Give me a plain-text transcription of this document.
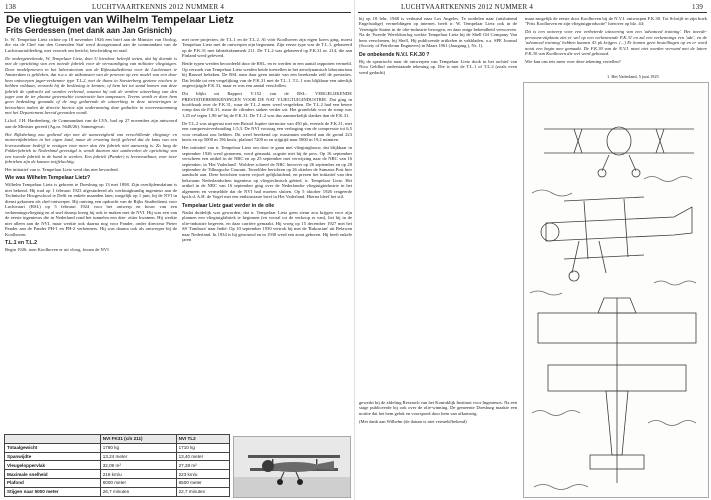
138	LUCHTVAARTKENNIS 2012 NUMMER 4
De vliegtuigen van Wilhelm Tempelaar Lietz
Frits Gerdessen (met dank aan Jan Grisnich)

Ir. W. Tempelaar Lietz richtte op 18 november 1926 een brief aan de Minister van Oorlog, die via de Chef van den Generalen Staf werd doorgestuurd aan de commandant van de Luchtvaartafdeeling, met verzoek om bericht, bescheiding en raad.

De ondergeteekende, W. Tempelaar Lietz, doet U hierdoor beleefd weten, dat hij doende is met de oprichting van een tweede fabriek voor de vervaardiging van militaire vliegtuigen. Door modelproeven in het laboratorium van de Rijksstudiedienst voor de Luchtvaart te Amsterdam is gebleken, dat n.a.v. de uitkomsten van de proeven op een model van een door hem ontworpen jager-verkenner type T.L.2, met de thans in Soesterberg geziene eischen te hebben voldaan, verzoekt hij de beslissing te kennen, of hem het tot stand komen van deze fabriek de opdracht zal worden verleend, waarna hij ook de verdere uitwerking van den jager aan de ter plaatse gewenschte constructie kan aanpassen. Tevens wordt er door hem geen bedenking gemaakt of de nog gedurende de uitwerking in deze uitvoeringen te betrachten indien de directie hiertoe zijn onderneming deze gedachte in overeenstemming met het Departement bereid gevonden wordt.

Lt.kol. J.H. Hardenberg, de Commandant van de LVA, had op 27 november zijn antwoord aan de Minister gereed (Ag.nr. 5648/26). Samengevat:

Het Rijksbelang zou gediend zijn met de aanwezigheid van verschillende vliegtuig- en motorenfabrieken in het eigen land, maar de ervaring heeft geleerd dat de kans van een levensvatbaar bedrijf te vestigen voor meer dan één fabriek niet aanwezig is. Zo lang de Fokkerfabriek in Nederland gevestigd is wordt daarom niet aanbevolen de oprichting van een tweede fabriek in de hand te werken. Een fabriek (Pander) is levensvatbaar, voor twee fabrieken zijn de kansen twijfelachtig.

Het initiatief van ir. Tempelaar Lietz werd dus niet bevorderd.

Wie was Wilhelm Tempelaar Lietz?

Wilhelm Tempelaar Lietz is geboren te Doesburg op 13 mei 1898. Zijn overlijdensdatum is niet bekend. Hij trad op 1 februari 1923 afgestudeerd als werktuigkundig ingenieur aan de Technische Hoogeschool te Delft en enkele maanden later, mogelijk op 1 juni, bij de NVI in dienst gekomen als chef-ontwerper. Hij ontving een opdracht van de Rijks Studiedienst voor Luchtvaart (RSL) op 5 februari 1924 voor het ontwerp en bouw van een verkenningsvliegtuig en al snel daarop kreeg hij ook te maken met de NVI. Hij was een van de eerste ingenieurs die in Nederland rond het tunnelen een drie- zitter kwamen. Hij werkte niet alleen aan de NVI, maar werkte ook daarna nog voor Pander, onder directeur Pieter Pander aan de Pander PH-1 en PH-2 verkenners. Hij was daarna ook als ontwerper bij de Koolhoven.

T.L.1 en T.L.2

Begin 1926, toen Koolhoven er uit vloog, kwam de NVI

met twee projecten, de T.L.1 en de T.L.2. Al vóór Koolhoven zijn eigen koers ging, moest Tempelaar Lietz met de ontwerpen zijn begonnen. Zijn eerste type was de T.L.1, gebaseerd op de F.K.31 met fabriekskenmerk 211. De T.L.2 was gebaseerd op F.K.31 nr. 214, die aan Finland werd geleverd.

Beide typen werden beoordeeld door de RSL, en er werden in een aantal rapporten vermeld. Op verzoek van Tempelaar Lietz werden beide toestellen in het aerodynamisch laboratorium bij Brussel bekeken. De RSL nam daar geen notitie van een berekende zelf de prestaties. Dat leidde tot een vergelijking van de F.K.31 met de T.L.1. T.L.1 was blijkbaar een uiterlijk ongewijzigde F.K.31, maar er was een aantal verschillen.

Dit blijkt uit Rapport V.152 van de RSL: VERGELIJKENDE PRESTATIEBEREKENINGEN VOOR DE NAT VLIEGTUIGINDUSTRIE. Dat ging in hoofdzaak over de F.K.31, waar de T.L.2 meer werd vergeleken. De T.L.2 had een betere romp dan de F.K.31, maar de cilinders staken verder uit. Het grondvlak voor de romp was 1,25 m² tegen 1,90 m² bij de F.K.31. De T.L.2 was dus aanmerkelijk slanker dan de F.K.31.

De T.L.2 was uitgerust met een Bristol Jupiter stermotor van 450 pk, evenals de F.K.31, met een compressieverhouding 1:5,3. De NVI voorzag een verhoging van de compressie tot 6,5 voor resultaat zou hebben. Dit werd berekend op: maximum snelheid aan de grond 223 km/u en op 5000 m 196 km/u, plafond 7200 m en stijgtijd naar 5000 m 19,2 minuten.

Het initiatief van ir. Tempelaar Lietz om door te gaan met vliegtuigbouw, dat blijkbaar in september 1926 werd genomen, werd gemaakt, oogstte niet bij de pers. Op 16 september verscheen een artikel in de NRC en op 25 september met verwijzing naar de NRC van 16 september, in 'Het Vaderland'. Woldere schreef de NRC hierover op 26 september en op 28 september de Tilburgsche Courant. Terzelfder berichten op 26 oktober de Sumatra Post hier aandacht aan. Deze berichten waren vrijwel gelijkluidend, en prezen het initiatief van den bekwaam Nederlandschen ingenieur op vliegtechnisch gebied, ir. Tempelaar Lietz. Het artikel in de NRC van 16 september ging over de Nederlandse vliegtuigindustrie in het algemeen en vermeldde dat de NVI had moeten sluiten. Op 5 oktober 1926 reageerde kpt.b.d. A.H. de Vogel met een enthousiaste brief in Het Vaderland. Hierna bleef het stil.

Tempelaar Lietz gaat verder in de olie

Nadat duidelijk was geworden, dat ir. Tempelaar Lietz geen steun zou krijgen voor zijn plannen een vliegtuigfabriek te beginnen (en vooral tot de verkoop er van), liet hij in de olie-industrie begeven, en daar carrière gemaakt. Hij vroeg op 15 december 1927 met het SS 'Tambora' naar Indië. Op 10 september 1930 vertrok hij met de 'Rakosrian' uit Belawan naar Nederland. In 1934 is hij getrouwd en in 1938 werd een zoon geboren. Hij heeft enkele jaren

	NVI FK31 (c/n 211)	NVI TL2
Totaalgewicht	1780 kg	1710 kg
Spanwijdte	13,24 meter	13,40 meter
Vleugeloppervlak	32,09 m²	27,28 m²
Maximale snelheid	218 km/u	223 km/u
Plafond	6000 meter	6500 meter
Stijgen naar 5000 meter	26,7 minuten	22,7 minuten
LUCHTVAARTKENNIS 2012 NUMMER 4	139

bij op 18 febr. 1948 is verhuisd naar Los Angeles. Te oordelen naar (uitsluitend Engelstalige) vermeldingen op internet, heeft ir. W. Tempelaar Lietz ook in de Verenigde Staten in de olie-industrie bewogen, en daar enige bekendheid verworven. Na de Tweede Wereldoorlog werkte Tempelaar Lietz bij de Shell Oil Company Van hem verschenen, bij Shell, Hij publiceerde artikelen in vakbladen, o.a. SPE Journal (Society of Petroleum Engineers) in Maart 1961 (Jaargang ), Nr. 1).

De onbekende N.V.I. F.K.30 ?

Bij de speurtocht naar de ontwerpen van Tempelaar Lietz dook in het archief van Nico Geldhof onderstaande tekening op. Die is niet de T.L.1 of T.L.2 (zoals even werd gedacht)

maar mogelijk de eerste door Koolhoven bij de N.V.I. ontworpen F.K.30. Tot Schrijft in zijn boek "Frits Koolhoven en zijn vliegtuigproductie" hierover op blz. 44:

Dit is een ontwerp voor een verbeterde uitvoering van een 'advanced training'. Het tweede-persoons-zitplaats ziet er wel op een verkennende F.K.31 en zal een verkennings een 'ade', en de 'advanced training' hebben kunnen 43 pk krijgen. (...) Er komen geen bestellingen op en er word nooit een begin mee gemaakt. De F.K.30 van de N.V.I. moet niet worden verward met de latere F.K.30 van Koolhoven die wel werd gebouwd.

Wie kan ons iets meer over deze tekening vertellen?

1. Het Vaderland, 5 juni 1925

gewerkt bij de afdeling Research van het Koninklijk Instituut voor Ingenieurs. Na een stage publiceerde hij ook over de olie-winning. De gemeente Doesburg maakte een notitie dat het hem geluk en voorspoed door hem van afkomstig.

(Met dank aan Wilhelm (de datum is niet vermeld/bekend)
